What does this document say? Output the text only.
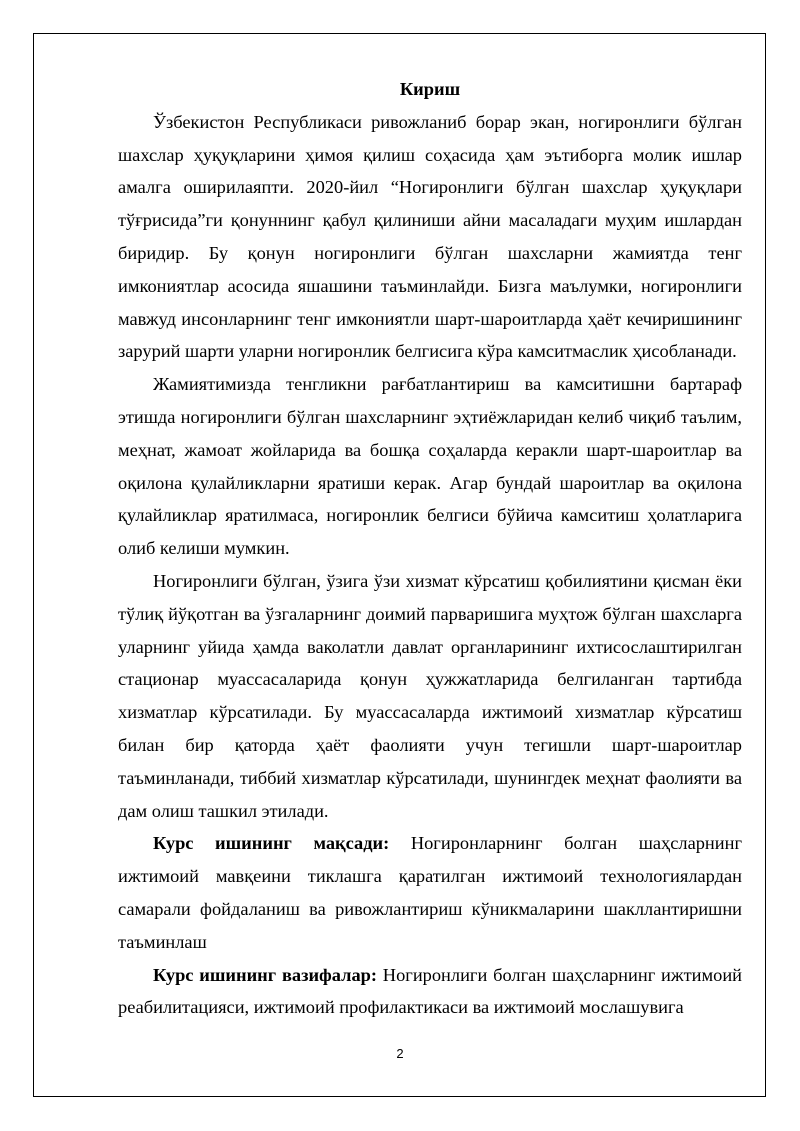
Кириш

Ўзбекистон Республикаси ривожланиб борар экан, ногиронлиги бўлган шахслар ҳуқуқларини ҳимоя қилиш соҳасида ҳам эътиборга молик ишлар амалга оширилаяпти. 2020-йил “Ногиронлиги бўлган шахслар ҳуқуқлари тўғрисида”ги қонуннинг қабул қилиниши айни масаладаги муҳим ишлардан биридир. Бу қонун ногиронлиги бўлган шахсларни жамиятда тенг имкониятлар асосида яшашини таъминлайди. Бизга маълумки, ногиронлиги мавжуд инсонларнинг тенг имкониятли шарт-шароитларда ҳаёт кечиришининг зарурий шарти уларни ногиронлик белгисига кўра камситмаслик ҳисобланади.

Жамиятимизда тенгликни рағбатлантириш ва камситишни бартараф этишда ногиронлиги бўлган шахсларнинг эҳтиёжларидан келиб чиқиб таълим, меҳнат, жамоат жойларида ва бошқа соҳаларда керакли шарт-шароитлар ва оқилона қулайликларни яратиши керак. Агар бундай шароитлар ва оқилона қулайликлар яратилмаса, ногиронлик белгиси бўйича камситиш ҳолатларига олиб келиши мумкин.

Ногиронлиги бўлган, ўзига ўзи хизмат кўрсатиш қобилиятини қисман ёки тўлиқ йўқотган ва ўзгаларнинг доимий парваришига муҳтож бўлган шахсларга уларнинг уйида ҳамда ваколатли давлат органларининг ихтисослаштирилган стационар муассасаларида қонун ҳужжатларида белгиланган тартибда хизматлар кўрсатилади. Бу муассасаларда ижтимоий хизматлар кўрсатиш билан бир қаторда ҳаёт фаолияти учун тегишли шарт-шароитлар таъминланади, тиббий хизматлар кўрсатилади, шунингдек меҳнат фаолияти ва дам олиш ташкил этилади.

Курс ишининг мақсади: Ногиронларнинг болган шаҳсларнинг ижтимоий мавқеини тиклашга қаратилган ижтимоий технологиялардан самарали фойдаланиш ва ривожлантириш кўникмаларини шакллантиришни таъминлаш

Курс ишининг вазифалар: Ногиронлиги болган шаҳсларнинг ижтимоий реабилитацияси, ижтимоий профилактикаси ва ижтимоий мослашувига

2
